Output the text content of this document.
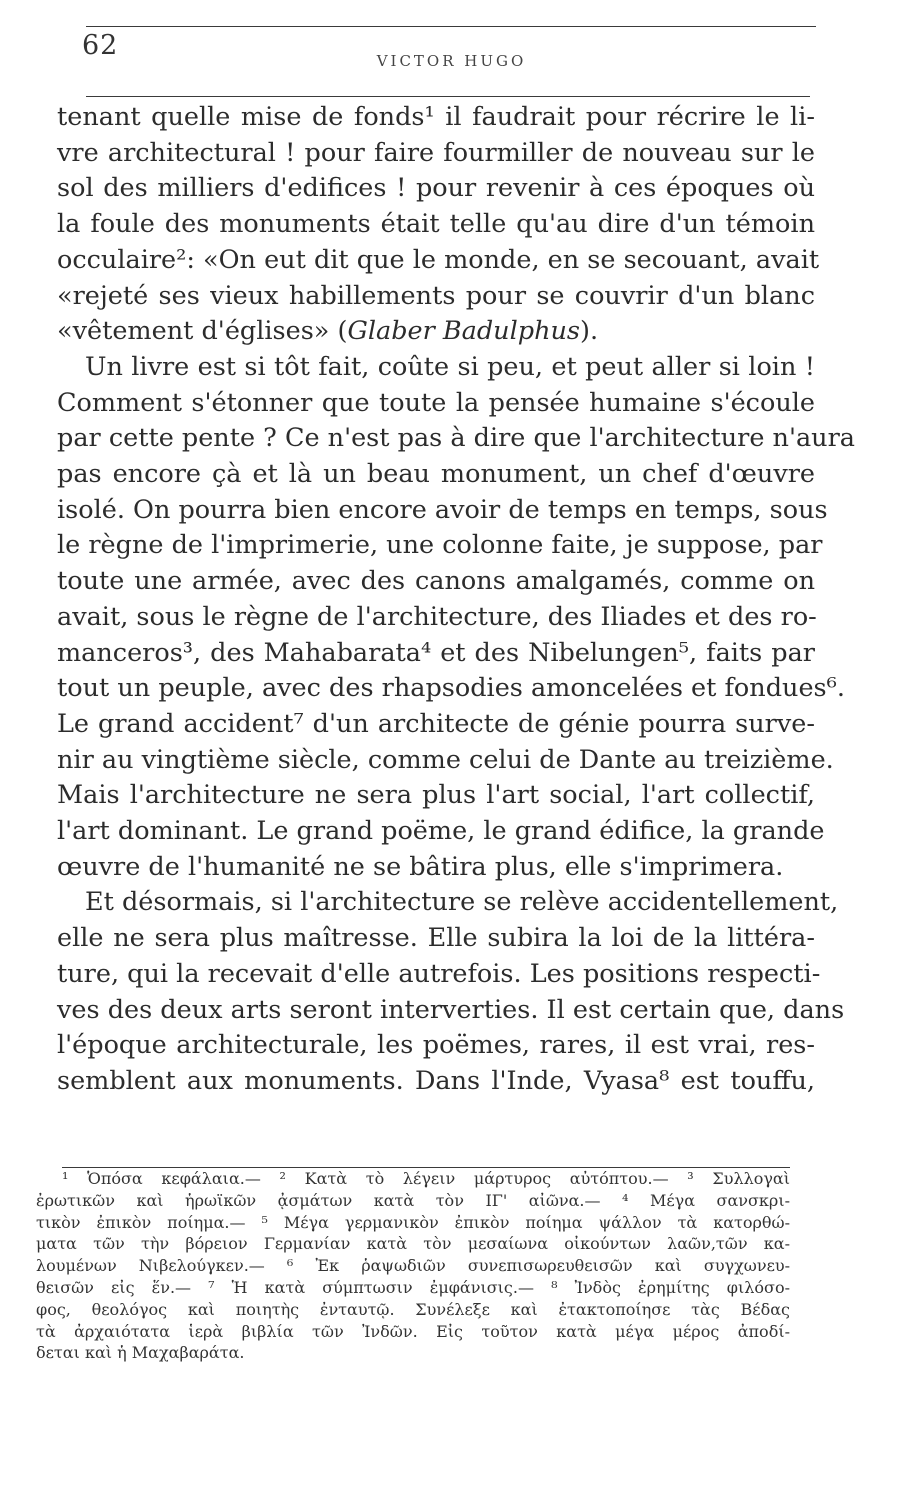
62	VICTOR HUGO
tenant quelle mise de fonds¹ il faudrait pour récrire le li-
vre architectural ! pour faire fourmiller de nouveau sur le
sol des milliers d'edifices ! pour revenir à ces époques où
la foule des monuments était telle qu'au dire d'un témoin
occulaire²: «On eut dit que le monde, en se secouant, avait
«rejeté ses vieux habillements pour se couvrir d'un blanc
«vêtement d'églises» (Glaber Badulphus).
Un livre est si tôt fait, coûte si peu, et peut aller si loin !
Comment s'étonner que toute la pensée humaine s'écoule
par cette pente ? Ce n'est pas à dire que l'architecture n'aura
pas encore çà et là un beau monument, un chef d'œuvre
isolé. On pourra bien encore avoir de temps en temps, sous
le règne de l'imprimerie, une colonne faite, je suppose, par
toute une armée, avec des canons amalgamés, comme on
avait, sous le règne de l'architecture, des Iliades et des ro-
manceros³, des Mahabarata⁴ et des Nibelungen⁵, faits par
tout un peuple, avec des rhapsodies amoncelées et fondues⁶.
Le grand accident⁷ d'un architecte de génie pourra surve-
nir au vingtième siècle, comme celui de Dante au treizième.
Mais l'architecture ne sera plus l'art social, l'art collectif,
l'art dominant. Le grand poëme, le grand édifice, la grande
œuvre de l'humanité ne se bâtira plus, elle s'imprimera.
Et désormais, si l'architecture se relève accidentellement,
elle ne sera plus maîtresse. Elle subira la loi de la littéra-
ture, qui la recevait d'elle autrefois. Les positions respecti-
ves des deux arts seront interverties. Il est certain que, dans
l'époque architecturale, les poëmes, rares, il est vrai, res-
semblent aux monuments. Dans l'Inde, Vyasa⁸ est touffu,
¹ Ὁπόσα κεφάλαια.— ² Κατὰ τὸ λέγειν μάρτυρος αὐτόπτου.— ³ Συλλογαὶ
ἐρωτικῶν καὶ ἡρωϊκῶν ᾀσμάτων κατὰ τὸν ΙΓ' αἰῶνα.— ⁴ Μέγα σανσκρι-
τικὸν ἐπικὸν ποίημα.— ⁵ Μέγα γερμανικὸν ἐπικὸν ποίημα ψάλλον τὰ κατορθώ-
ματα τῶν τὴν βόρειον Γερμανίαν κατὰ τὸν μεσαίωνα οἰκούντων λαῶν,τῶν κα-
λουμένων Νιβελούγκεν.— ⁶ Ἐκ ῥαψωδιῶν συνεπισωρευθεισῶν καὶ συγχωνευ-
θεισῶν εἰς ἕν.— ⁷ Ἡ κατὰ σύμπτωσιν ἐμφάνισις.— ⁸ Ἰνδὸς ἐρημίτης φιλόσο-
φος, θεολόγος καὶ ποιητὴς ἐνταυτῷ. Συνέλεξε καὶ ἐτακτοποίησε τὰς Βέδας
τὰ ἀρχαιότατα ἱερὰ βιβλία τῶν Ἰνδῶν. Εἰς τοῦτον κατὰ μέγα μέρος ἀποδί-
δεται καὶ ἡ Μαχαβαράτα.
